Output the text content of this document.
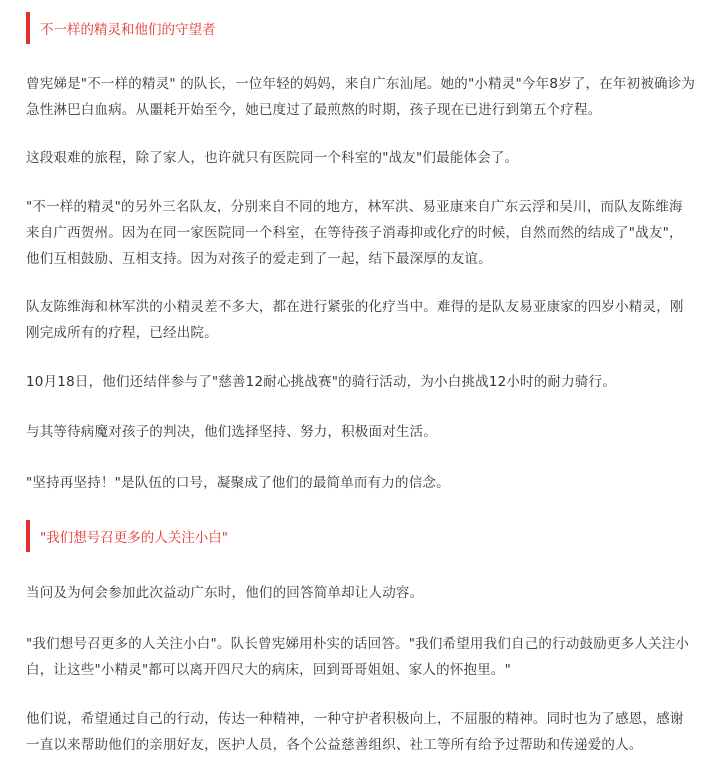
不一样的精灵和他们的守望者

曾宪娣是"不一样的精灵" 的队长，一位年轻的妈妈，来自广东汕尾。她的"小精灵"今年8岁了，在年初被确诊为急性淋巴白血病。从噩耗开始至今，她已度过了最煎熬的时期，孩子现在已进行到第五个疗程。

这段艰难的旅程，除了家人，也许就只有医院同一个科室的"战友"们最能体会了。

"不一样的精灵"的另外三名队友，分别来自不同的地方，林军洪、易亚康来自广东云浮和吴川，而队友陈维海来自广西贺州。因为在同一家医院同一个科室，在等待孩子消毒抑或化疗的时候，自然而然的结成了"战友"，他们互相鼓励、互相支持。因为对孩子的爱走到了一起，结下最深厚的友谊。

队友陈维海和林军洪的小精灵差不多大，都在进行紧张的化疗当中。难得的是队友易亚康家的四岁小精灵，刚刚完成所有的疗程，已经出院。

10月18日，他们还结伴参与了"慈善12耐心挑战赛"的骑行活动，为小白挑战12小时的耐力骑行。

与其等待病魔对孩子的判决，他们选择坚持、努力，积极面对生活。

"坚持再坚持！"是队伍的口号，凝聚成了他们的最简单而有力的信念。

"我们想号召更多的人关注小白"

当问及为何会参加此次益动广东时，他们的回答简单却让人动容。

"我们想号召更多的人关注小白"。队长曾宪娣用朴实的话回答。"我们希望用我们自己的行动鼓励更多人关注小白，让这些"小精灵"都可以离开四尺大的病床，回到哥哥姐姐、家人的怀抱里。"

他们说，希望通过自己的行动，传达一种精神，一种守护者积极向上，不屈服的精神。同时也为了感恩，感谢一直以来帮助他们的亲朋好友，医护人员，各个公益慈善组织、社工等所有给予过帮助和传递爱的人。
